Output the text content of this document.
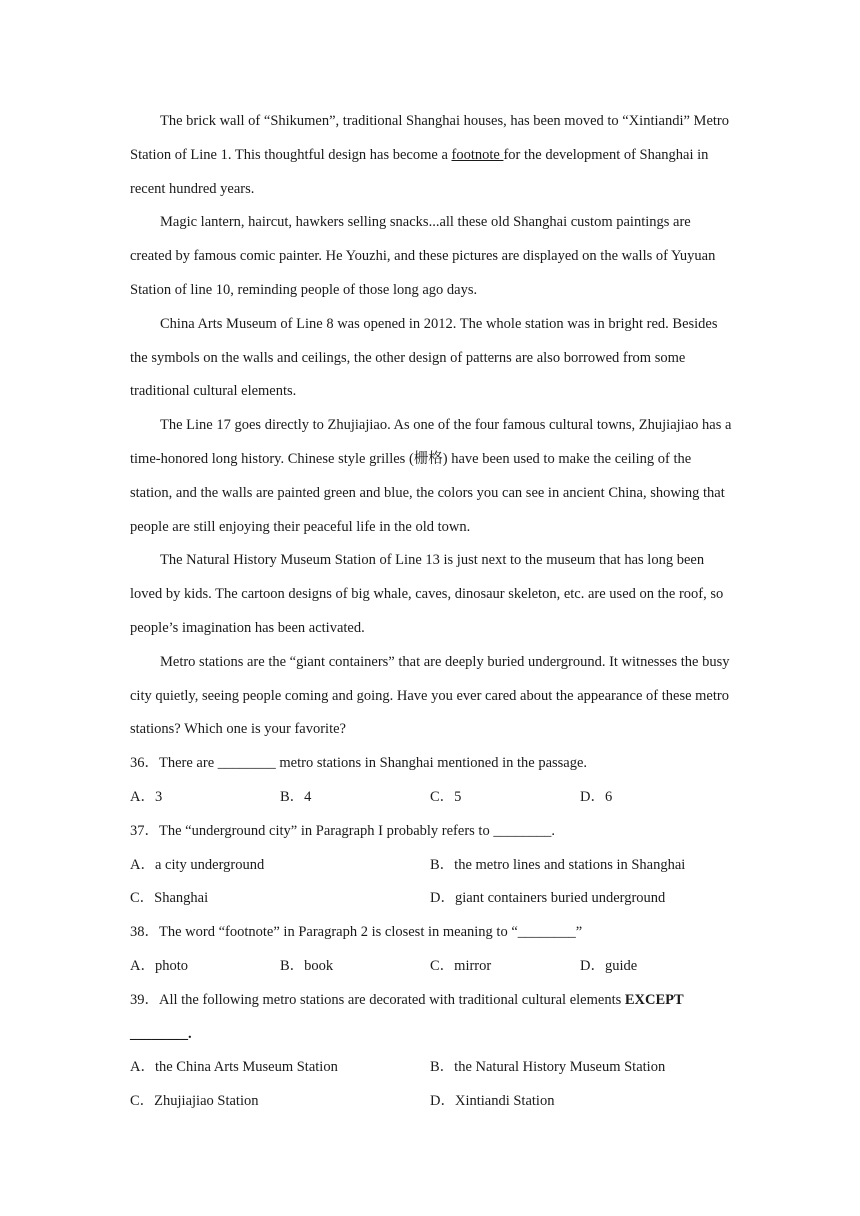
The brick wall of “Shikumen”, traditional Shanghai houses, has been moved to “Xintiandi” Metro Station of Line 1. This thoughtful design has become a footnote for the development of Shanghai in recent hundred years.

Magic lantern, haircut, hawkers selling snacks...all these old Shanghai custom paintings are created by famous comic painter. He Youzhi, and these pictures are displayed on the walls of Yuyuan Station of line 10, reminding people of those long ago days.

China Arts Museum of Line 8 was opened in 2012. The whole station was in bright red. Besides the symbols on the walls and ceilings, the other design of patterns are also borrowed from some traditional cultural elements.

The Line 17 goes directly to Zhujiajiao. As one of the four famous cultural towns, Zhujiajiao has a time-honored long history. Chinese style grilles (栅格) have been used to make the ceiling of the station, and the walls are painted green and blue, the colors you can see in ancient China, showing that people are still enjoying their peaceful life in the old town.

The Natural History Museum Station of Line 13 is just next to the museum that has long been loved by kids. The cartoon designs of big whale, caves, dinosaur skeleton, etc. are used on the roof, so people’s imagination has been activated.

Metro stations are the “giant containers” that are deeply buried underground. It witnesses the busy city quietly, seeing people coming and going. Have you ever cared about the appearance of these metro stations? Which one is your favorite?

36．There are ________ metro stations in Shanghai mentioned in the passage.

A．3	B．4	C．5	D．6

37．The “underground city” in Paragraph I probably refers to ________.

A．a city underground	B．the metro lines and stations in Shanghai
C．Shanghai	D．giant containers buried underground

38．The word “footnote” in Paragraph 2 is closest in meaning to “________”

A．photo	B．book	C．mirror	D．guide

39．All the following metro stations are decorated with traditional cultural elements EXCEPT

________.

A．the China Arts Museum Station	B．the Natural History Museum Station
C．Zhujiajiao Station	D．Xintiandi Station
